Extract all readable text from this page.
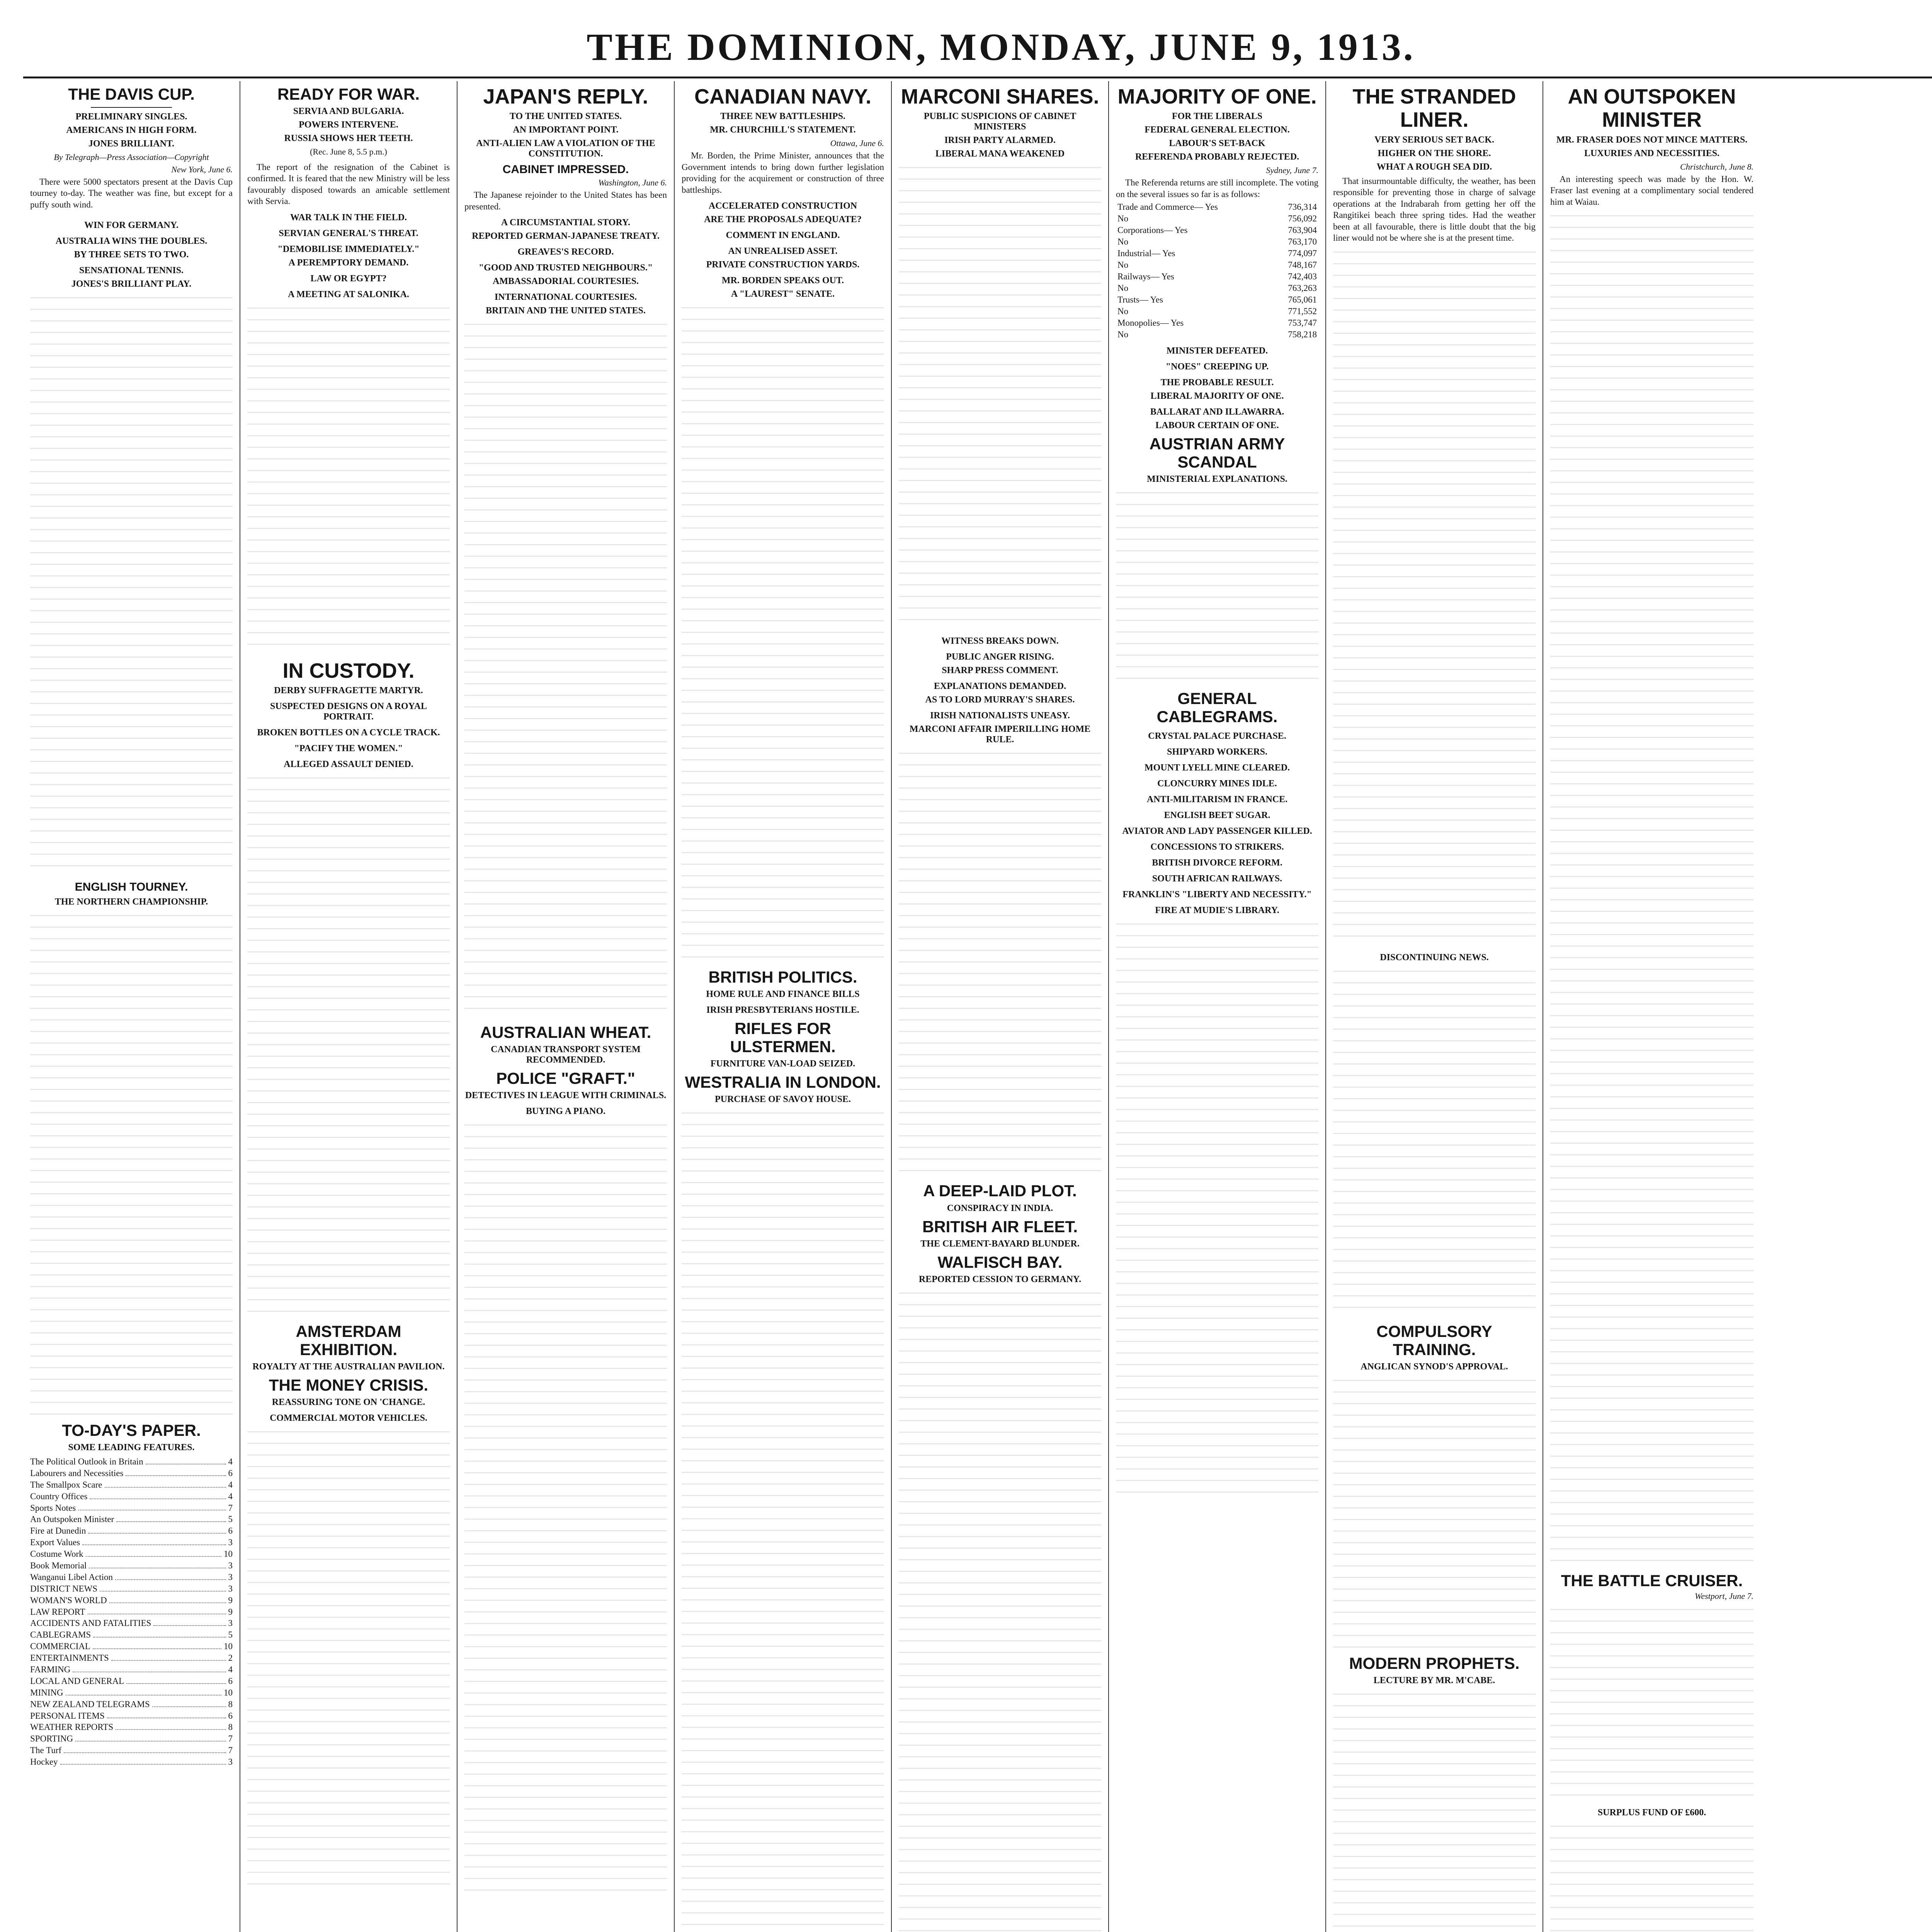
THE DOMINION, MONDAY, JUNE 9, 1913.
THE DAVIS CUP.
PRELIMINARY SINGLES.
AMERICANS IN HIGH FORM.
JONES BRILLIANT.
By Telegraph—Press Association—Copyright
New York, June 6.
There were 5000 spectators present at the Davis Cup tourney to-day. The weather was fine, but except for a puffy south wind.
WIN FOR GERMANY.
AUSTRALIA WINS THE DOUBLES.
BY THREE SETS TO TWO.
SENSATIONAL TENNIS.
JONES'S BRILLIANT PLAY.
ENGLISH TOURNEY.
THE NORTHERN CHAMPIONSHIP.
TO-DAY'S PAPER.
SOME LEADING FEATURES.
The Political Outlook in Britain	4
Labourers and Necessities	6
The Smallpox Scare	4
Country Offices	4
Sports Notes	7
An Outspoken Minister	5
Fire at Dunedin	6
Export Values	3
Costume Work	10
Book Memorial	3
Wanganui Libel Action	3
DISTRICT NEWS	3
WOMAN'S WORLD	9
LAW REPORT	9
ACCIDENTS AND FATALITIES	3
CABLEGRAMS	5
COMMERCIAL	10
ENTERTAINMENTS	2
FARMING	4
LOCAL AND GENERAL	6
MINING	10
NEW ZEALAND TELEGRAMS	8
PERSONAL ITEMS	6
WEATHER REPORTS	8
SPORTING	7
The Turf	7
Hockey	3
READY FOR WAR.
SERVIA AND BULGARIA.
POWERS INTERVENE.
RUSSIA SHOWS HER TEETH.
(Rec. June 8, 5.5 p.m.)
The report of the resignation of the Cabinet is confirmed. It is feared that the new Ministry will be less favourably disposed towards an amicable settlement with Servia.
WAR TALK IN THE FIELD.
SERVIAN GENERAL'S THREAT.
"DEMOBILISE IMMEDIATELY."
A PEREMPTORY DEMAND.
LAW OR EGYPT?
A MEETING AT SALONIKA.
IN CUSTODY.
DERBY SUFFRAGETTE MARTYR.
SUSPECTED DESIGNS ON A ROYAL PORTRAIT.
BROKEN BOTTLES ON A CYCLE TRACK.
"PACIFY THE WOMEN."
ALLEGED ASSAULT DENIED.
AMSTERDAM EXHIBITION.
ROYALTY AT THE AUSTRALIAN PAVILION.
THE MONEY CRISIS.
REASSURING TONE ON 'CHANGE.
COMMERCIAL MOTOR VEHICLES.
JAPAN'S REPLY.
TO THE UNITED STATES.
AN IMPORTANT POINT.
ANTI-ALIEN LAW A VIOLATION OF THE CONSTITUTION.
CABINET IMPRESSED.
Washington, June 6.
The Japanese rejoinder to the United States has been presented.
A CIRCUMSTANTIAL STORY.
REPORTED GERMAN-JAPANESE TREATY.
GREAVES'S RECORD.
"GOOD AND TRUSTED NEIGHBOURS."
AMBASSADORIAL COURTESIES.
INTERNATIONAL COURTESIES.
BRITAIN AND THE UNITED STATES.
AUSTRALIAN WHEAT.
CANADIAN TRANSPORT SYSTEM RECOMMENDED.
POLICE "GRAFT."
DETECTIVES IN LEAGUE WITH CRIMINALS.
BUYING A PIANO.
CANADIAN NAVY.
THREE NEW BATTLESHIPS.
MR. CHURCHILL'S STATEMENT.
Ottawa, June 6.
Mr. Borden, the Prime Minister, announces that the Government intends to bring down further legislation providing for the acquirement or construction of three battleships.
ACCELERATED CONSTRUCTION
ARE THE PROPOSALS ADEQUATE?
COMMENT IN ENGLAND.
AN UNREALISED ASSET.
PRIVATE CONSTRUCTION YARDS.
MR. BORDEN SPEAKS OUT.
A "LAUREST" SENATE.
BRITISH POLITICS.
HOME RULE AND FINANCE BILLS
IRISH PRESBYTERIANS HOSTILE.
RIFLES FOR ULSTERMEN.
FURNITURE VAN-LOAD SEIZED.
WESTRALIA IN LONDON.
PURCHASE OF SAVOY HOUSE.
MARCONI SHARES.
PUBLIC SUSPICIONS OF CABINET MINISTERS
IRISH PARTY ALARMED.
LIBERAL MANA WEAKENED
WITNESS BREAKS DOWN.
PUBLIC ANGER RISING.
SHARP PRESS COMMENT.
EXPLANATIONS DEMANDED.
AS TO LORD MURRAY'S SHARES.
IRISH NATIONALISTS UNEASY.
MARCONI AFFAIR IMPERILLING HOME RULE.
A DEEP-LAID PLOT.
CONSPIRACY IN INDIA.
BRITISH AIR FLEET.
THE CLEMENT-BAYARD BLUNDER.
WALFISCH BAY.
REPORTED CESSION TO GERMANY.
MAJORITY OF ONE.
FOR THE LIBERALS
FEDERAL GENERAL ELECTION.
LABOUR'S SET-BACK
REFERENDA PROBABLY REJECTED.
Sydney, June 7.
The Referenda returns are still incomplete. The voting on the several issues so far is as follows:
Trade and Commerce— Yes	736,314
No	756,092
Corporations— Yes	763,904
No	763,170
Industrial— Yes	774,097
No	748,167
Railways— Yes	742,403
No	763,263
Trusts— Yes	765,061
No	771,552
Monopolies— Yes	753,747
No	758,218
MINISTER DEFEATED.
"NOES" CREEPING UP.
THE PROBABLE RESULT.
LIBERAL MAJORITY OF ONE.
BALLARAT AND ILLAWARRA.
LABOUR CERTAIN OF ONE.
AUSTRIAN ARMY SCANDAL
MINISTERIAL EXPLANATIONS.
GENERAL CABLEGRAMS.
CRYSTAL PALACE PURCHASE.
SHIPYARD WORKERS.
MOUNT LYELL MINE CLEARED.
CLONCURRY MINES IDLE.
ANTI-MILITARISM IN FRANCE.
ENGLISH BEET SUGAR.
AVIATOR AND LADY PASSENGER KILLED.
CONCESSIONS TO STRIKERS.
BRITISH DIVORCE REFORM.
SOUTH AFRICAN RAILWAYS.
FRANKLIN'S "LIBERTY AND NECESSITY."
FIRE AT MUDIE'S LIBRARY.
THE STRANDED LINER.
VERY SERIOUS SET BACK.
HIGHER ON THE SHORE.
WHAT A ROUGH SEA DID.
That insurmountable difficulty, the weather, has been responsible for preventing those in charge of salvage operations at the Indrabarah from getting her off the Rangitikei beach three spring tides. Had the weather been at all favourable, there is little doubt that the big liner would not be where she is at the present time.
DISCONTINUING NEWS.
COMPULSORY TRAINING.
ANGLICAN SYNOD'S APPROVAL.
MODERN PROPHETS.
LECTURE BY MR. M'CABE.
AN OUTSPOKEN MINISTER
MR. FRASER DOES NOT MINCE MATTERS.
LUXURIES AND NECESSITIES.
Christchurch, June 8.
An interesting speech was made by the Hon. W. Fraser last evening at a complimentary social tendered him at Waiau.
THE BATTLE CRUISER.
Westport, June 7.
SURPLUS FUND OF £600.
